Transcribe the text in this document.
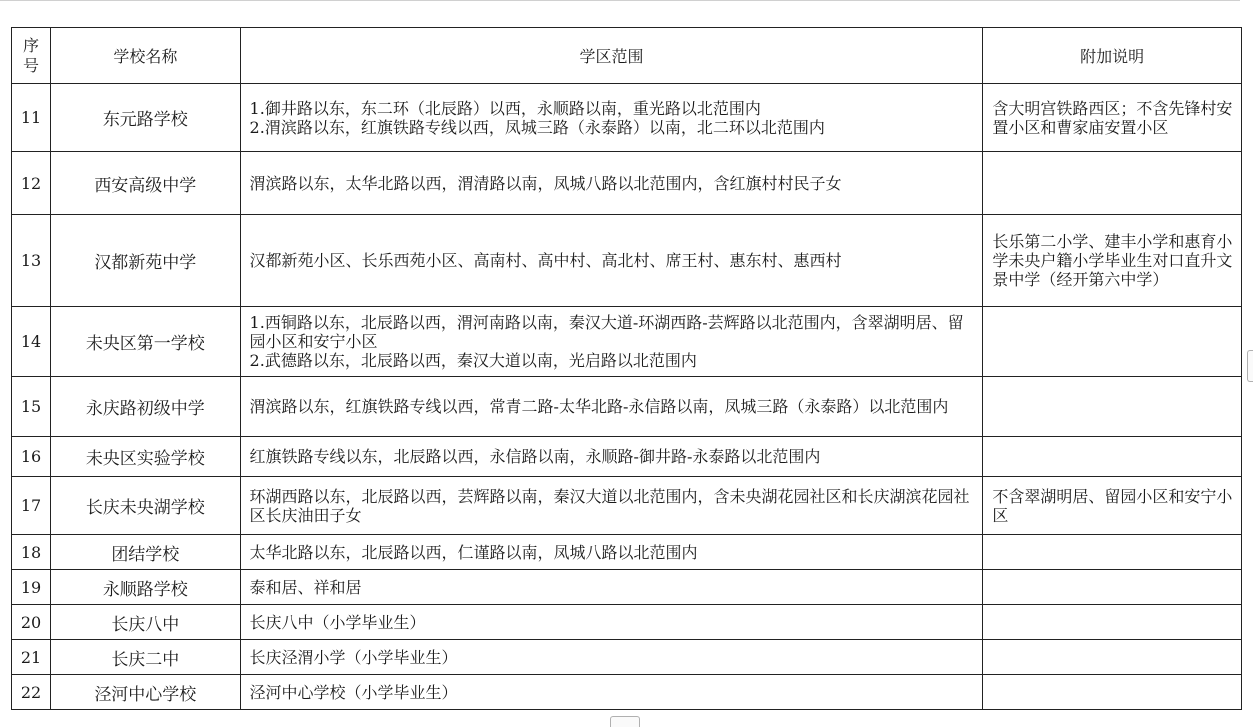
序号	学校名称	学区范围	附加说明
11	东元路学校	1.御井路以东，东二环（北辰路）以西，永顺路以南，重光路以北范围内
2.渭滨路以东，红旗铁路专线以西，凤城三路（永泰路）以南，北二环以北范围内	含大明宫铁路西区；不含先锋村安置小区和曹家庙安置小区
12	西安高级中学	渭滨路以东，太华北路以西，渭清路以南，凤城八路以北范围内，含红旗村村民子女	

13	汉都新苑中学	汉都新苑小区、长乐西苑小区、高南村、高中村、高北村、席王村、惠东村、惠西村	长乐第二小学、建丰小学和惠育小学未央户籍小学毕业生对口直升文景中学（经开第六中学）
14	未央区第一学校	1.西铜路以东，北辰路以西，渭河南路以南，秦汉大道-环湖西路-芸辉路以北范围内，含翠湖明居、留园小区和安宁小区
2.武德路以东，北辰路以西，秦汉大道以南，光启路以北范围内	

15	永庆路初级中学	渭滨路以东，红旗铁路专线以西，常青二路-太华北路-永信路以南，凤城三路（永泰路）以北范围内	

16	未央区实验学校	红旗铁路专线以东，北辰路以西，永信路以南，永顺路-御井路-永泰路以北范围内	

17	长庆未央湖学校	环湖西路以东，北辰路以西，芸辉路以南，秦汉大道以北范围内，含未央湖花园社区和长庆湖滨花园社区长庆油田子女	不含翠湖明居、留园小区和安宁小区
18	团结学校	太华北路以东，北辰路以西，仁谨路以南，凤城八路以北范围内	

19	永顺路学校	泰和居、祥和居	

20	长庆八中	长庆八中（小学毕业生）	

21	长庆二中	长庆泾渭小学（小学毕业生）	

22	泾河中心学校	泾河中心学校（小学毕业生）	
